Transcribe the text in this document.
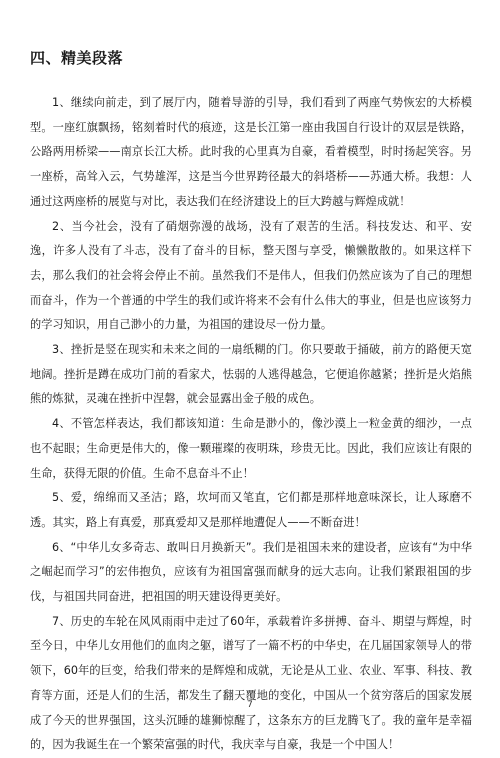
四、精美段落

1、继续向前走，到了展厅内，随着导游的引导，我们看到了两座气势恢宏的大桥模型。一座红旗飘扬，铭刻着时代的痕迹，这是长江第一座由我国自行设计的双层是铁路，公路两用桥梁——南京长江大桥。此时我的心里真为自豪，看着模型，时时扬起笑容。另一座桥，高耸入云，气势雄浑，这是当今世界跨径最大的斜塔桥——苏通大桥。我想：人通过这两座桥的展览与对比，表达我们在经济建设上的巨大跨越与辉煌成就！

2、当今社会，没有了硝烟弥漫的战场，没有了艰苦的生活。科技发达、和平、安逸，许多人没有了斗志，没有了奋斗的目标，整天图与享受，懒懒散散的。如果这样下去，那么我们的社会将会停止不前。虽然我们不是伟人，但我们仍然应该为了自己的理想而奋斗，作为一个普通的中学生的我们或许将来不会有什么伟大的事业，但是也应该努力的学习知识，用自己渺小的力量，为祖国的建设尽一份力量。

3、挫折是竖在现实和未来之间的一扇纸糊的门。你只要敢于捅破，前方的路便天宽地阔。挫折是蹲在成功门前的看家犬，怯弱的人逃得越急，它便追你越紧；挫折是火焰熊熊的炼狱，灵魂在挫折中涅磐，就会显露出金子般的成色。

4、不管怎样表达，我们都该知道：生命是渺小的，像沙漠上一粒金黄的细沙，一点也不起眼；生命更是伟大的，像一颗璀璨的夜明珠，珍贵无比。因此，我们应该让有限的生命，获得无限的价值。生命不息奋斗不止！

5、爱，绵绵而又圣洁；路，坎坷而又笔直，它们都是那样地意味深长，让人琢磨不透。其实，路上有真爱，那真爱却又是那样地遭促人——不断奋进！

6、“中华儿女多奇志、敢叫日月换新天”。我们是祖国未来的建设者，应该有“为中华之崛起而学习”的宏伟抱负，应该有为祖国富强而献身的远大志向。让我们紧跟祖国的步伐，与祖国共同奋进，把祖国的明天建设得更美好。

7、历史的车轮在风风雨雨中走过了60年，承载着许多拼搏、奋斗、期望与辉煌，时至今日，中华儿女用他们的血肉之躯，谱写了一篇不朽的中华史，在几届国家领导人的带领下，60年的巨变，给我们带来的是辉煌和成就，无论是从工业、农业、军事、科技、教育等方面，还是人们的生活，都发生了翻天覆地的变化，中国从一个贫穷落后的国家发展成了今天的世界强国，这头沉睡的雄狮惊醒了，这条东方的巨龙腾飞了。我的童年是幸福的，因为我诞生在一个繁荣富强的时代，我庆幸与自豪，我是一个中国人！

7
